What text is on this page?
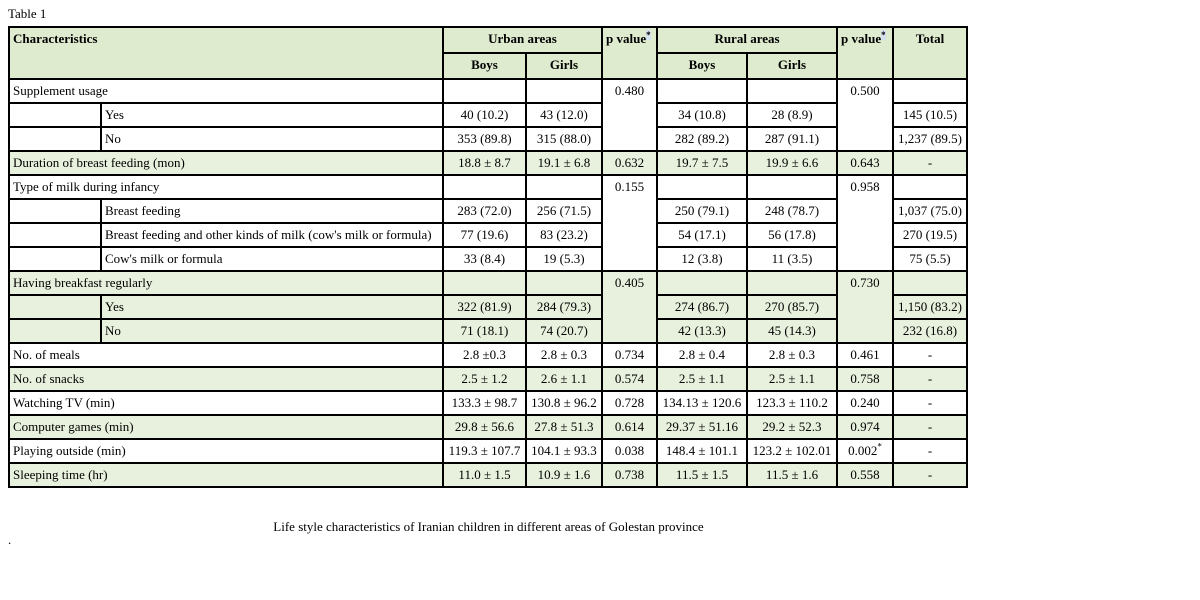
Table 1
Characteristics		Urban areas		p value*	Rural areas		p value*	Total
		Boys	Girls		Boys	Girls		
Supplement usage				0.480			0.500	
	Yes	40 (10.2)	43 (12.0)		34 (10.8)	28 (8.9)		145 (10.5)
	No	353 (89.8)	315 (88.0)		282 (89.2)	287 (91.1)		1,237 (89.5)
Duration of breast feeding (mon)		18.8 ± 8.7	19.1 ± 6.8	0.632	19.7 ± 7.5	19.9 ± 6.6	0.643	-
Type of milk during infancy				0.155			0.958	
	Breast feeding	283 (72.0)	256 (71.5)		250 (79.1)	248 (78.7)		1,037 (75.0)
	Breast feeding and other kinds of milk (cow's milk or formula)	77 (19.6)	83 (23.2)		54 (17.1)	56 (17.8)		270 (19.5)
	Cow's milk or formula	33 (8.4)	19 (5.3)		12 (3.8)	11 (3.5)		75 (5.5)
Having breakfast regularly				0.405			0.730	
	Yes	322 (81.9)	284 (79.3)		274 (86.7)	270 (85.7)		1,150 (83.2)
	No	71 (18.1)	74 (20.7)		42 (13.3)	45 (14.3)		232 (16.8)
No. of meals		2.8 ±0.3	2.8 ± 0.3	0.734	2.8 ± 0.4	2.8 ± 0.3	0.461	-
No. of snacks		2.5 ± 1.2	2.6 ± 1.1	0.574	2.5 ± 1.1	2.5 ± 1.1	0.758	-
Watching TV (min)		133.3 ± 98.7	130.8 ± 96.2	0.728	134.13 ± 120.6	123.3 ± 110.2	0.240	-
Computer games (min)		29.8 ± 56.6	27.8 ± 51.3	0.614	29.37 ± 51.16	29.2 ± 52.3	0.974	-
Playing outside (min)		119.3 ± 107.7	104.1 ± 93.3	0.038	148.4 ± 101.1	123.2 ± 102.01	0.002*	-
Sleeping time (hr)		11.0 ± 1.5	10.9 ± 1.6	0.738	11.5 ± 1.5	11.5 ± 1.6	0.558	-
Life style characteristics of Iranian children in different areas of Golestan province
.
